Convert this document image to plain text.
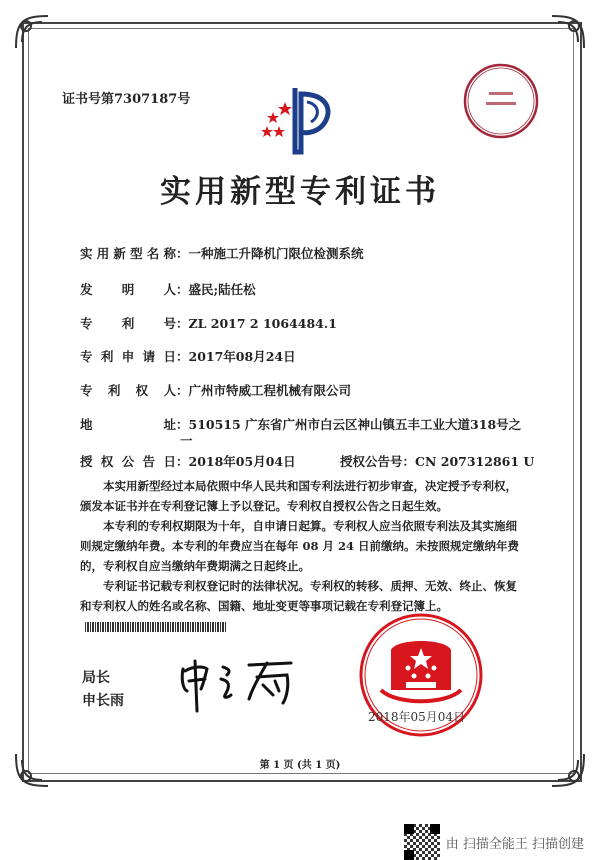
证书号第7307187号
实用新型专利证书
实用新型名称：一种施工升降机门限位检测系统
发明人：盛民;陆任松
专利号：ZL 2017 2 1064484.1
专利申请日：2017年08月24日
专利权人：广州市特威工程机械有限公司
地址：510515 广东省广州市白云区神山镇五丰工业大道318号之
一
授权公告日：2018年05月04日	授权公告号：CN 207312861 U

本实用新型经过本局依照中华人民共和国专利法进行初步审查，决定授予专利权，颁发本证书并在专利登记簿上予以登记。专利权自授权公告之日起生效。

本专利的专利权期限为十年，自申请日起算。专利权人应当依照专利法及其实施细则规定缴纳年费。本专利的年费应当在每年 08 月 24 日前缴纳。未按照规定缴纳年费的，专利权自应当缴纳年费期满之日起终止。

专利证书记载专利权登记时的法律状况。专利权的转移、质押、无效、终止、恢复和专利权人的姓名或名称、国籍、地址变更等事项记载在专利登记簿上。

局长
申长雨
2018年05月04日
第 1 页 (共 1 页)
由 扫描全能王 扫描创建
